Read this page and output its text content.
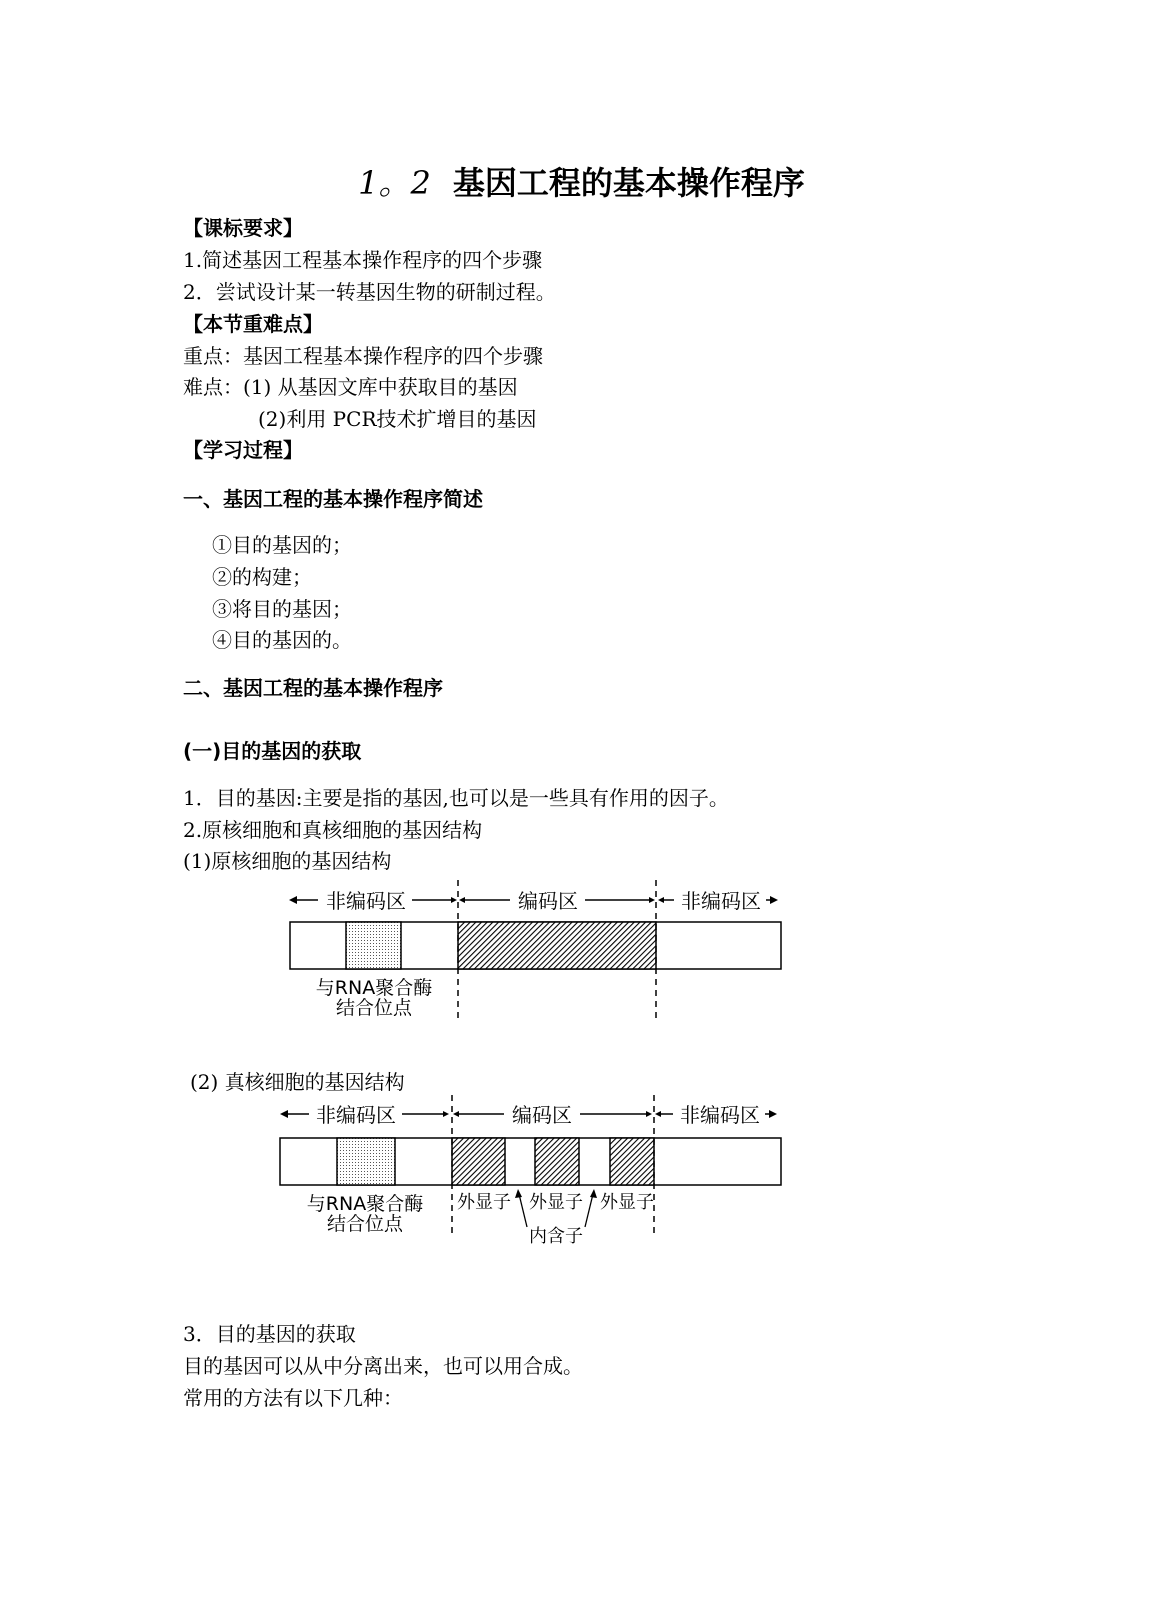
1。2 基因工程的基本操作程序
【课标要求】
1.简述基因工程基本操作程序的四个步骤
2．尝试设计某一转基因生物的研制过程。
【本节重难点】
重点：基因工程基本操作程序的四个步骤
难点：(1) 从基因文库中获取目的基因
(2)利用 PCR技术扩增目的基因
【学习过程】
一、基因工程的基本操作程序简述
①目的基因的；
②的构建；
③将目的基因；
④目的基因的。
二、基因工程的基本操作程序
(一)目的基因的获取
1．目的基因:主要是指的基因,也可以是一些具有作用的因子。
2.原核细胞和真核细胞的基因结构
(1)原核细胞的基因结构
非编码区	编码区	非编码区
与RNA聚合酶
结合位点
非编码区	编码区	非编码区
与RNA聚合酶
结合位点
外显子 外显子 外显子
内含子
(2) 真核细胞的基因结构
3．目的基因的获取
目的基因可以从中分离出来，也可以用合成。
常用的方法有以下几种：
